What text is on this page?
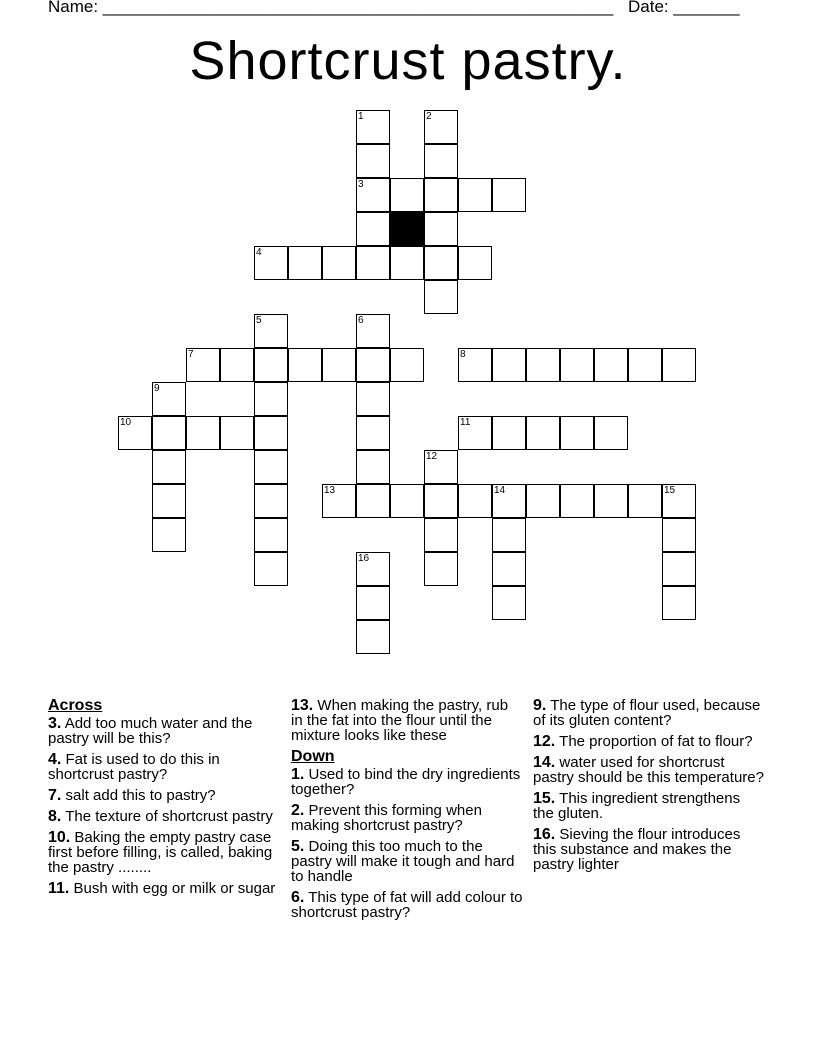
Name: ______________________________________________________ Date: _______
Shortcrust pastry.
1	2
3
4
5	6
7	8
9
10	11
12
13	14	15
16
Across
3. Add too much water and the pastry will be this?
4. Fat is used to do this in shortcrust pastry?
7. salt add this to pastry?
8. The texture of shortcrust pastry
10. Baking the empty pastry case first before filling, is called, baking the pastry ........
11. Bush with egg or milk or sugar
13. When making the pastry, rub in the fat into the flour until the mixture looks like these
Down
1. Used to bind the dry ingredients together?
2. Prevent this forming when making shortcrust pastry?
5. Doing this too much to the pastry will make it tough and hard to handle
6. This type of fat will add colour to shortcrust pastry?
9. The type of flour used, because of its gluten content?
12. The proportion of fat to flour?
14. water used for shortcrust pastry should be this temperature?
15. This ingredient strengthens the gluten.
16. Sieving the flour introduces this substance and makes the pastry lighter
